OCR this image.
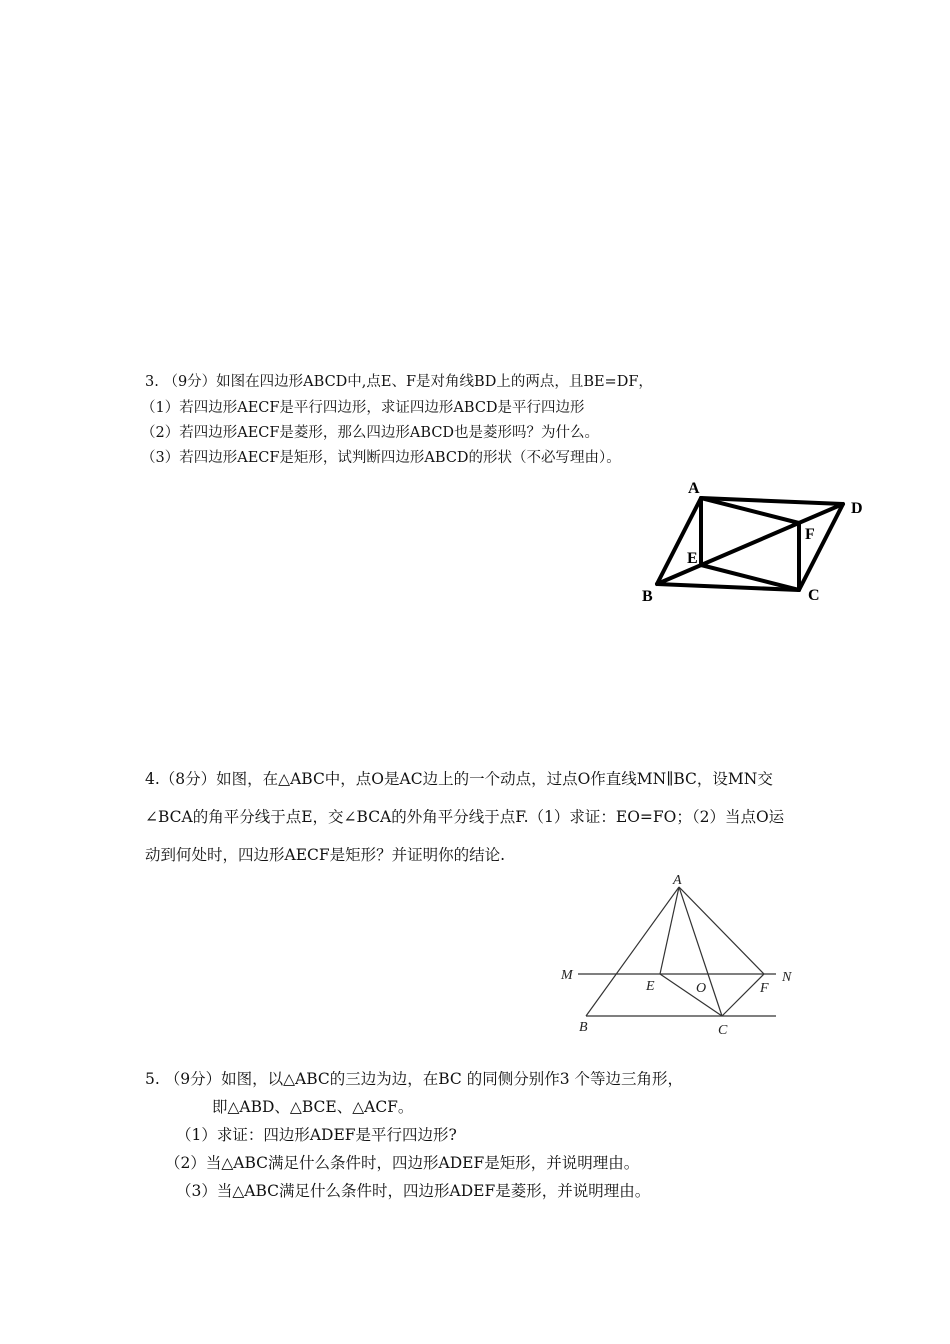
3. （9分）如图在四边形ABCD中,点E、F是对角线BD上的两点，且BE=DF，
（1）若四边形AECF是平行四边形，求证四边形ABCD是平行四边形
（2）若四边形AECF是菱形，那么四边形ABCD也是菱形吗？为什么。
（3）若四边形AECF是矩形，试判断四边形ABCD的形状（不必写理由）。
A
D
F
E
B	C
4.（8分）如图，在△ABC中，点O是AC边上的一个动点，过点O作直线MN∥BC，设MN交
∠BCA的角平分线于点E，交∠BCA的外角平分线于点F.（1）求证：EO=FO；（2）当点O运
动到何处时，四边形AECF是矩形？并证明你的结论.
A
M
E	O	F
N
B	C
5. （9分）如图，以△ABC的三边为边，在BC 的同侧分别作3 个等边三角形，
即△ABD、△BCE、△ACF。
（1）求证：四边形ADEF是平行四边形?
（2）当△ABC满足什么条件时，四边形ADEF是矩形，并说明理由。
（3）当△ABC满足什么条件时，四边形ADEF是菱形，并说明理由。
